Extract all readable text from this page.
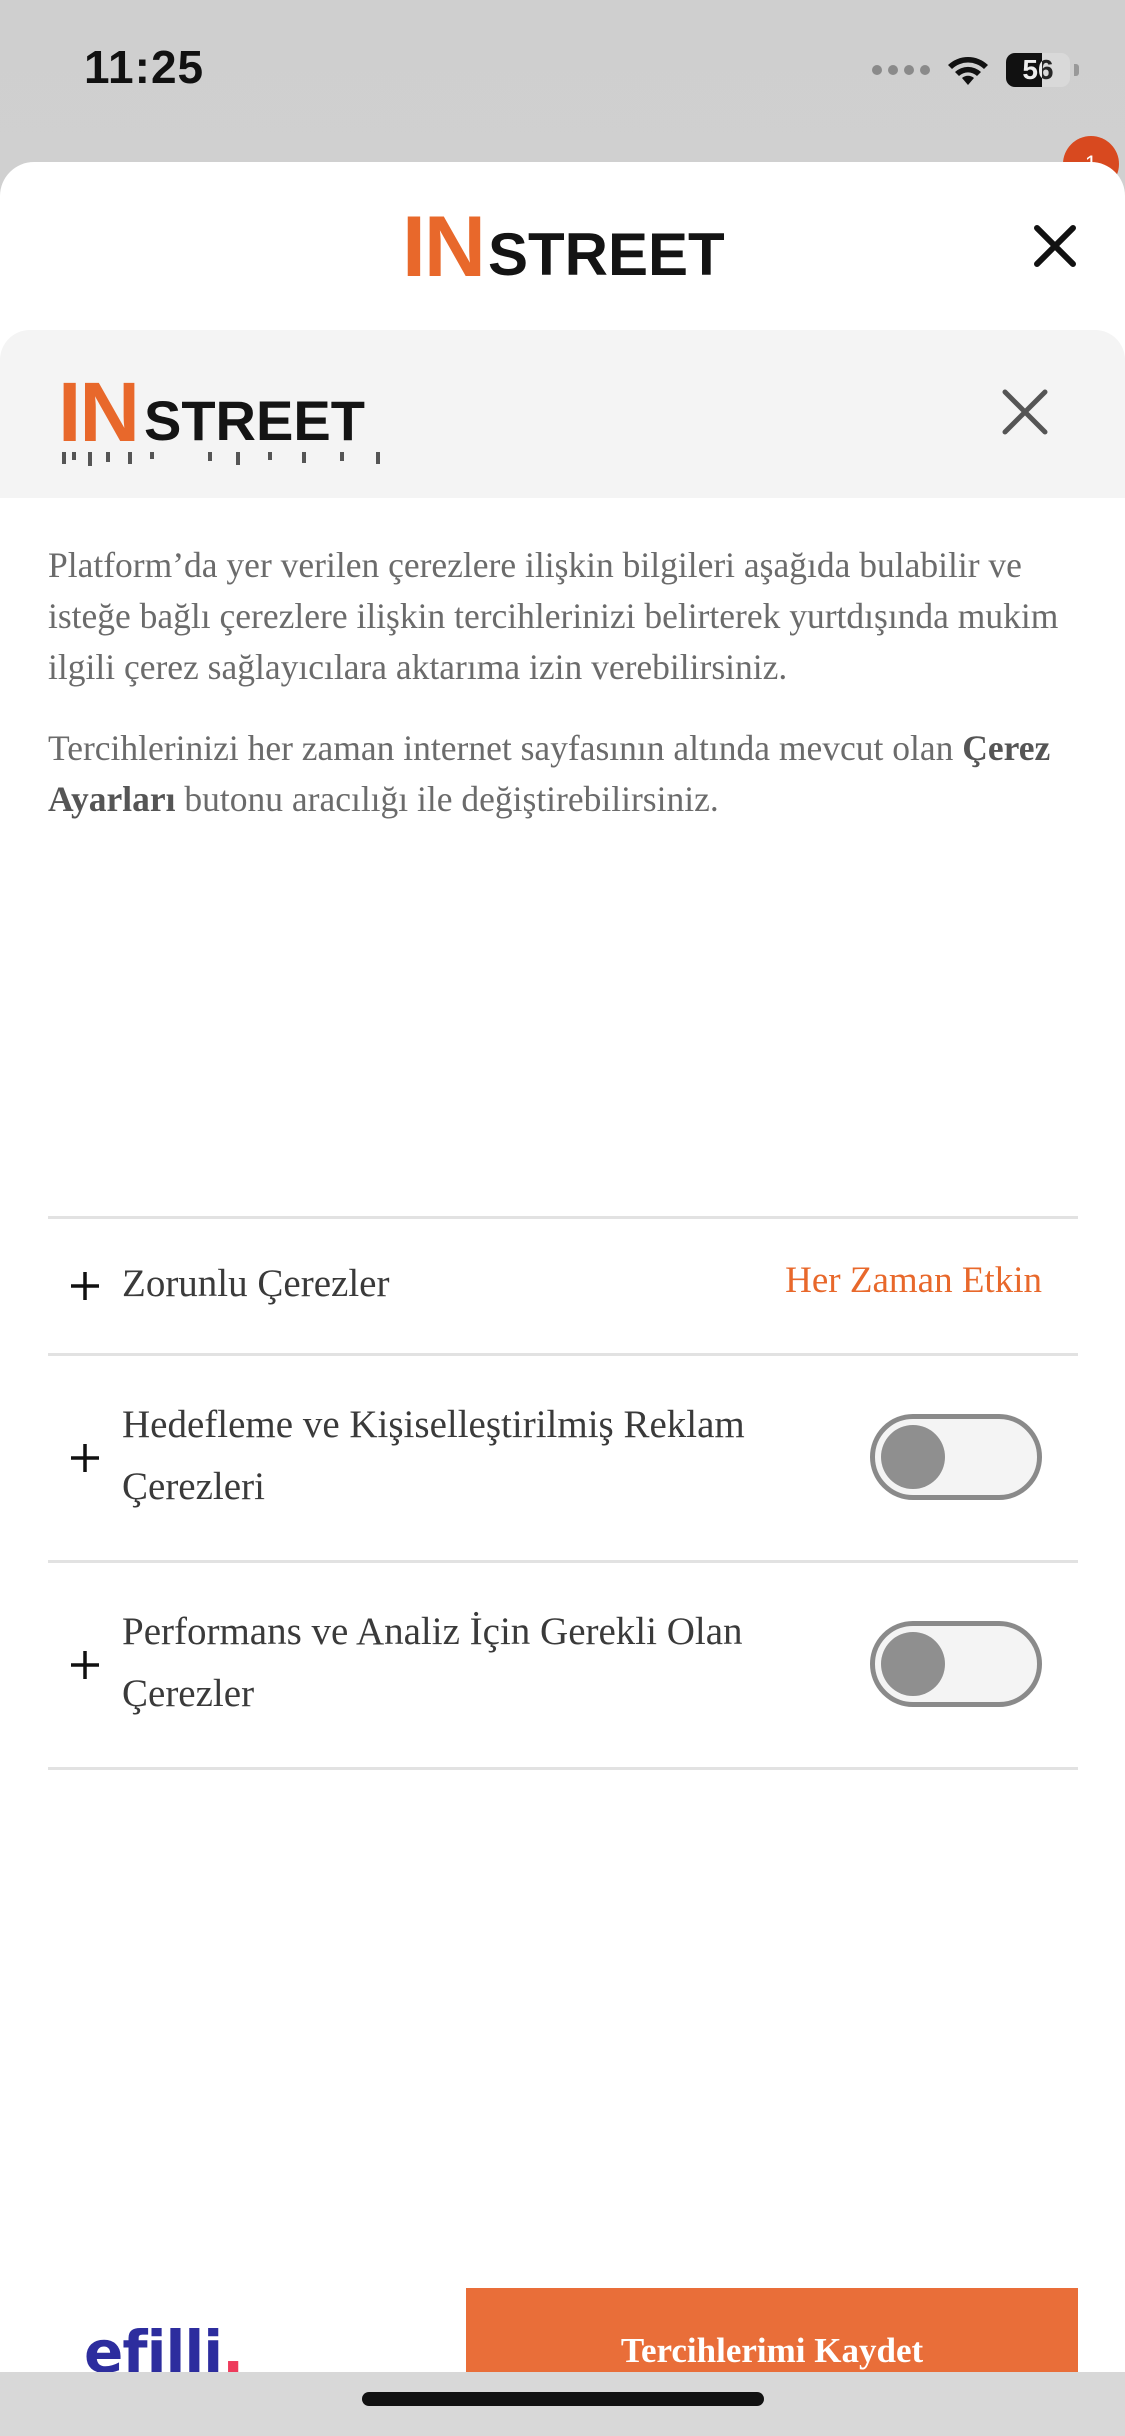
11:25	56
IN STREET
IN STREET

Platform’da yer verilen çerezlere ilişkin bilgileri aşağıda bulabilir ve isteğe bağlı çerezlere ilişkin tercihlerinizi belirterek yurtdışında mukim ilgili çerez sağlayıcılara aktarıma izin verebilirsiniz.

Tercihlerinizi her zaman internet sayfasının altında mevcut olan Çerez Ayarları butonu aracılığı ile değiştirebilirsiniz.

Zorunlu Çerezler	Her Zaman Etkin
Hedefleme ve Kişiselleştirilmiş Reklam Çerezleri
Performans ve Analiz İçin Gerekli Olan Çerezler
efilli.	Tercihlerimi Kaydet
